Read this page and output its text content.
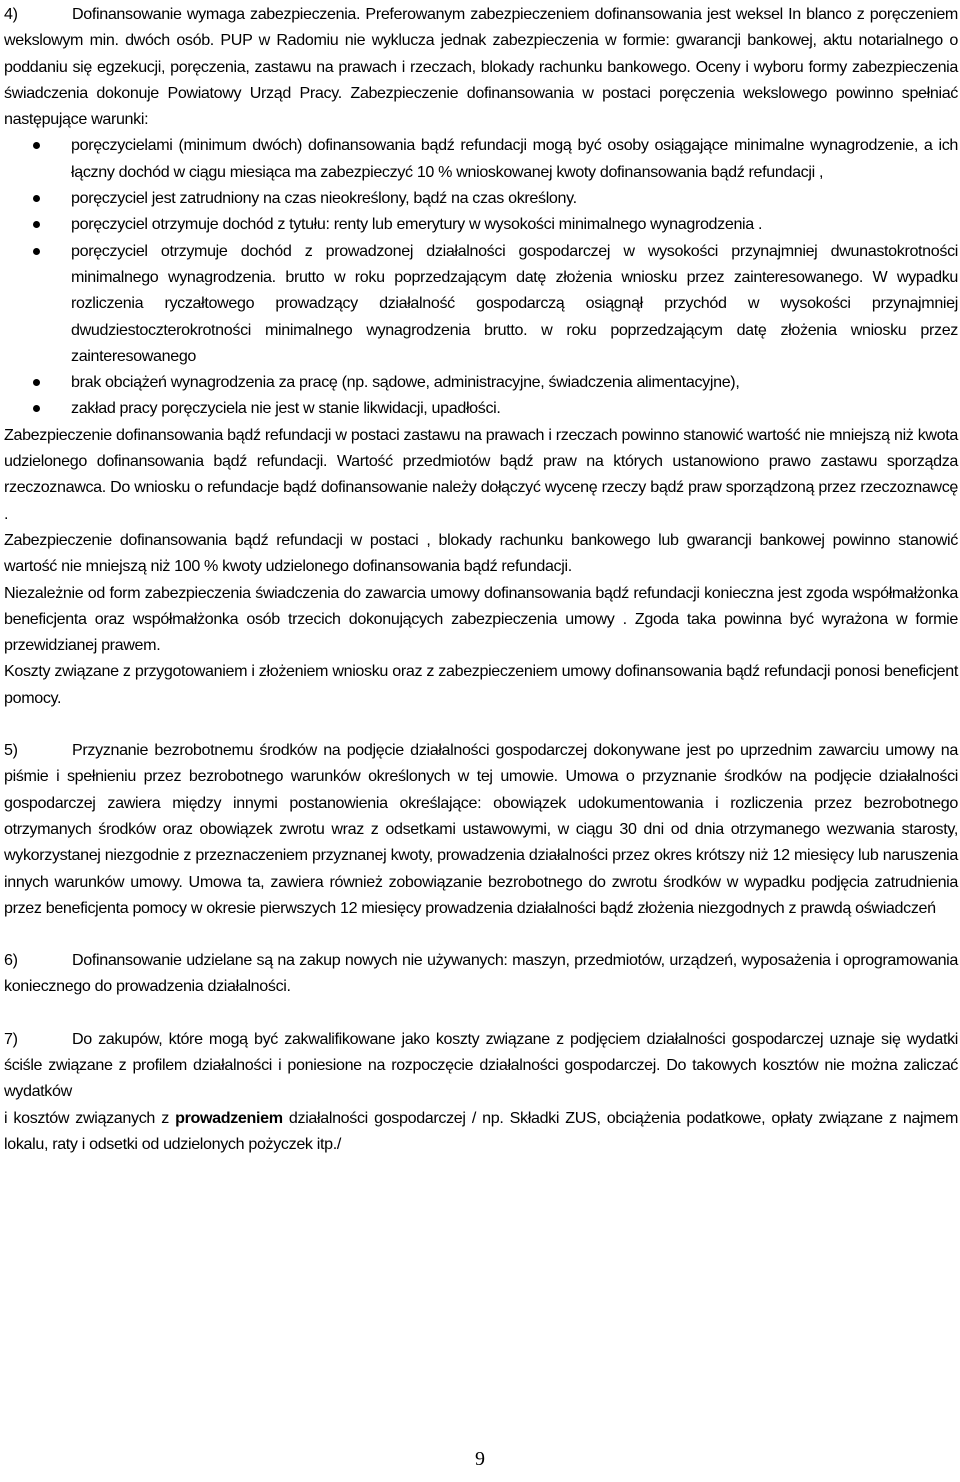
4)	Dofinansowanie wymaga zabezpieczenia. Preferowanym zabezpieczeniem dofinansowania jest weksel In blanco z poręczeniem wekslowym min. dwóch osób. PUP w Radomiu nie wyklucza jednak zabezpieczenia w formie: gwarancji bankowej, aktu notarialnego o poddaniu się egzekucji, poręczenia, zastawu na prawach i rzeczach, blokady rachunku bankowego. Oceny i wyboru formy zabezpieczenia świadczenia dokonuje Powiatowy Urząd Pracy. Zabezpieczenie dofinansowania w postaci poręczenia wekslowego powinno spełniać następujące warunki:

poręczycielami (minimum dwóch) dofinansowania bądź refundacji mogą być osoby osiągające minimalne wynagrodzenie, a ich łączny dochód w ciągu miesiąca ma zabezpieczyć 10 % wnioskowanej kwoty dofinansowania bądź refundacji ,
poręczyciel jest zatrudniony na czas nieokreślony, bądź na czas określony.
poręczyciel otrzymuje dochód z tytułu: renty lub emerytury w wysokości minimalnego wynagrodzenia .
poręczyciel otrzymuje dochód z prowadzonej działalności gospodarczej w wysokości przynajmniej dwunastokrotności minimalnego wynagrodzenia. brutto w roku poprzedzającym datę złożenia wniosku przez zainteresowanego. W wypadku rozliczenia ryczałtowego prowadzący działalność gospodarczą osiągnął przychód w wysokości przynajmniej dwudziestoczterokrotności minimalnego wynagrodzenia brutto. w roku poprzedzającym datę złożenia wniosku przez zainteresowanego
brak obciążeń wynagrodzenia za pracę (np. sądowe, administracyjne, świadczenia alimentacyjne),
zakład pracy poręczyciela nie jest w stanie likwidacji, upadłości.

Zabezpieczenie dofinansowania bądź refundacji w postaci zastawu na prawach i rzeczach powinno stanowić wartość nie mniejszą niż kwota udzielonego dofinansowania bądź refundacji. Wartość przedmiotów bądź praw na których ustanowiono prawo zastawu sporządza rzeczoznawca. Do wniosku o refundacje bądź dofinansowanie należy dołączyć wycenę rzeczy bądź praw sporządzoną przez rzeczoznawcę .

Zabezpieczenie dofinansowania bądź refundacji w postaci , blokady rachunku bankowego lub gwarancji bankowej powinno stanowić wartość nie mniejszą niż 100 % kwoty udzielonego dofinansowania bądź refundacji.

Niezależnie od form zabezpieczenia świadczenia do zawarcia umowy dofinansowania bądź refundacji konieczna jest zgoda współmałżonka beneficjenta oraz współmałżonka osób trzecich dokonujących zabezpieczenia umowy . Zgoda taka powinna być wyrażona w formie przewidzianej prawem.

Koszty związane z przygotowaniem i złożeniem wniosku oraz z zabezpieczeniem umowy dofinansowania bądź refundacji ponosi beneficjent pomocy.

5)	Przyznanie bezrobotnemu środków na podjęcie działalności gospodarczej dokonywane jest po uprzednim zawarciu umowy na piśmie i spełnieniu przez bezrobotnego warunków określonych w tej umowie. Umowa o przyznanie środków na podjęcie działalności gospodarczej zawiera między innymi postanowienia określające: obowiązek udokumentowania i rozliczenia przez bezrobotnego otrzymanych środków oraz obowiązek zwrotu wraz z odsetkami ustawowymi, w ciągu 30 dni od dnia otrzymanego wezwania starosty, wykorzystanej niezgodnie z przeznaczeniem przyznanej kwoty, prowadzenia działalności przez okres krótszy niż 12 miesięcy lub naruszenia innych warunków umowy. Umowa ta, zawiera również zobowiązanie bezrobotnego do zwrotu środków w wypadku podjęcia zatrudnienia przez beneficjenta pomocy w okresie pierwszych 12 miesięcy prowadzenia działalności bądź złożenia niezgodnych z prawdą oświadczeń

6)	Dofinansowanie udzielane są na zakup nowych nie używanych: maszyn, przedmiotów, urządzeń, wyposażenia i oprogramowania koniecznego do prowadzenia działalności.

7)	Do zakupów, które mogą być zakwalifikowane jako koszty związane z podjęciem działalności gospodarczej uznaje się wydatki ściśle związane z profilem działalności i poniesione na rozpoczęcie działalności gospodarczej. Do takowych kosztów nie można zaliczać wydatków

i kosztów związanych z prowadzeniem działalności gospodarczej / np. Składki ZUS, obciążenia podatkowe, opłaty związane z najmem lokalu, raty i odsetki od udzielonych pożyczek itp./

9
